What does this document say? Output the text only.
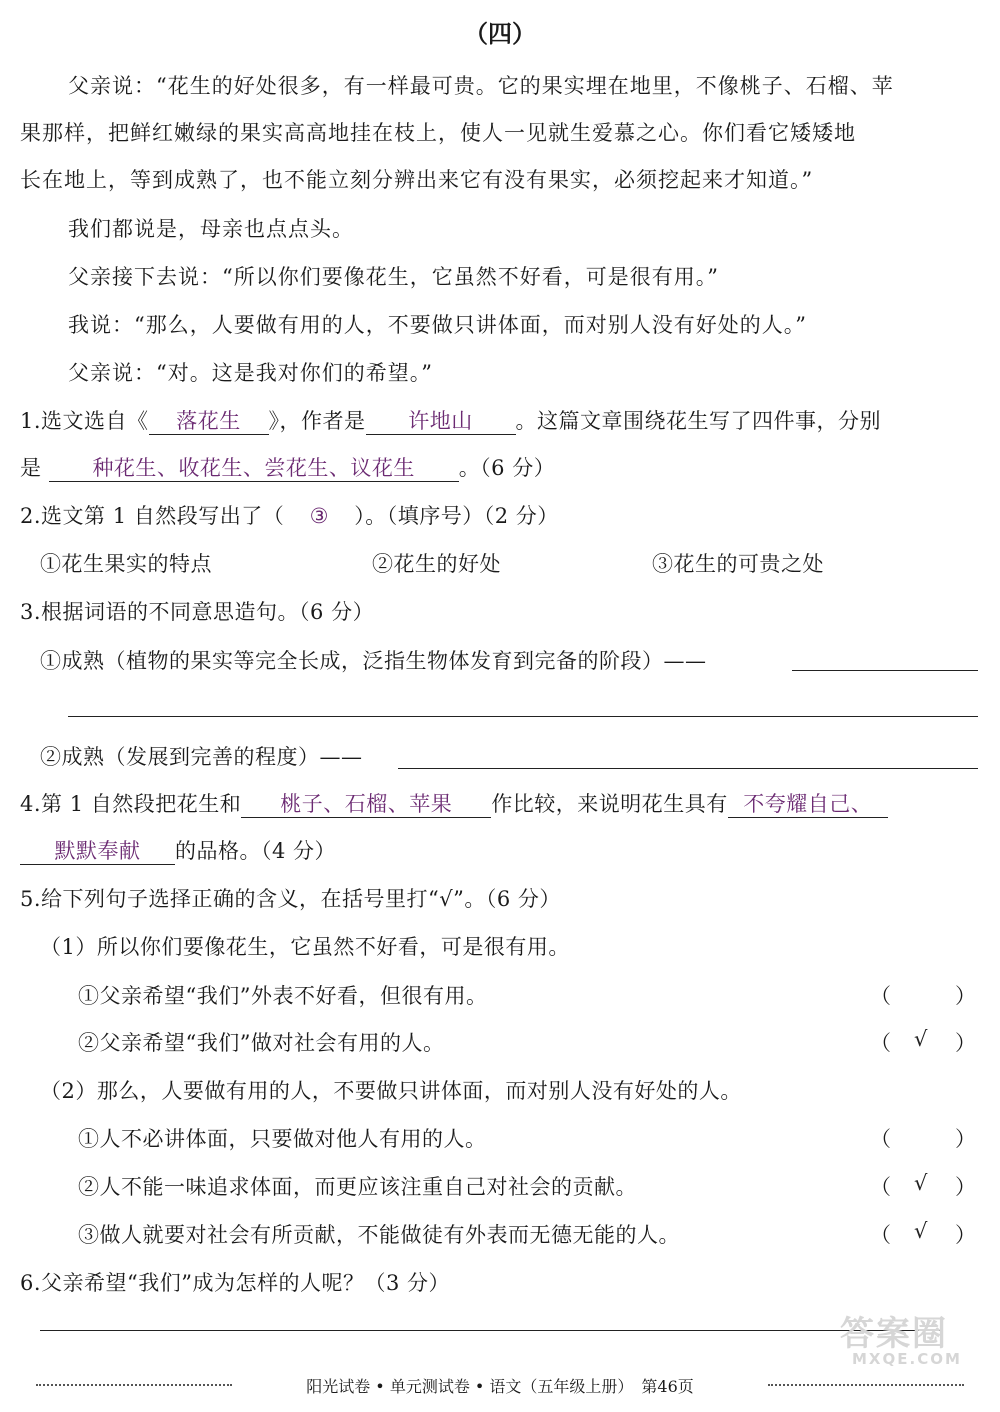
（四）
父亲说：“花生的好处很多，有一样最可贵。它的果实埋在地里，不像桃子、石榴、苹
果那样，把鲜红嫩绿的果实高高地挂在枝上，使人一见就生爱慕之心。你们看它矮矮地
长在地上，等到成熟了，也不能立刻分辨出来它有没有果实，必须挖起来才知道。”
我们都说是，母亲也点点头。
父亲接下去说：“所以你们要像花生，它虽然不好看，可是很有用。”
我说：“那么，人要做有用的人，不要做只讲体面，而对别人没有好处的人。”
父亲说：“对。这是我对你们的希望。”
1.选文选自《 落花生 》，作者是 许地山 。这篇文章围绕花生写了四件事，分别
是 种花生、收花生、尝花生、议花生 。（6 分）
2.选文第 1 自然段写出了（ ③ ）。（填序号）（2 分）
①花生果实的特点	②花生的好处	③花生的可贵之处
3.根据词语的不同意思造句。（6 分）
①成熟（植物的果实等完全长成，泛指生物体发育到完备的阶段）——
②成熟（发展到完善的程度）——
4.第 1 自然段把花生和 桃子、石榴、苹果 作比较，来说明花生具有 不夸耀自己、
默默奉献 的品格。（4 分）
5.给下列句子选择正确的含义，在括号里打“√”。（6 分）
（1）所以你们要像花生，它虽然不好看，可是很有用。
①父亲希望“我们”外表不好看，但很有用。	（	）
②父亲希望“我们”做对社会有用的人。	（ √ ）
（2）那么，人要做有用的人，不要做只讲体面，而对别人没有好处的人。
①人不必讲体面，只要做对他人有用的人。	（	）
②人不能一味追求体面，而更应该注重自己对社会的贡献。	（ √ ）
③做人就要对社会有所贡献，不能做徒有外表而无德无能的人。	（ √ ）
6.父亲希望“我们”成为怎样的人呢？（3 分）
答案圈
MXQE.COM
阳光试卷 • 单元测试卷 • 语文（五年级上册）　第46页
